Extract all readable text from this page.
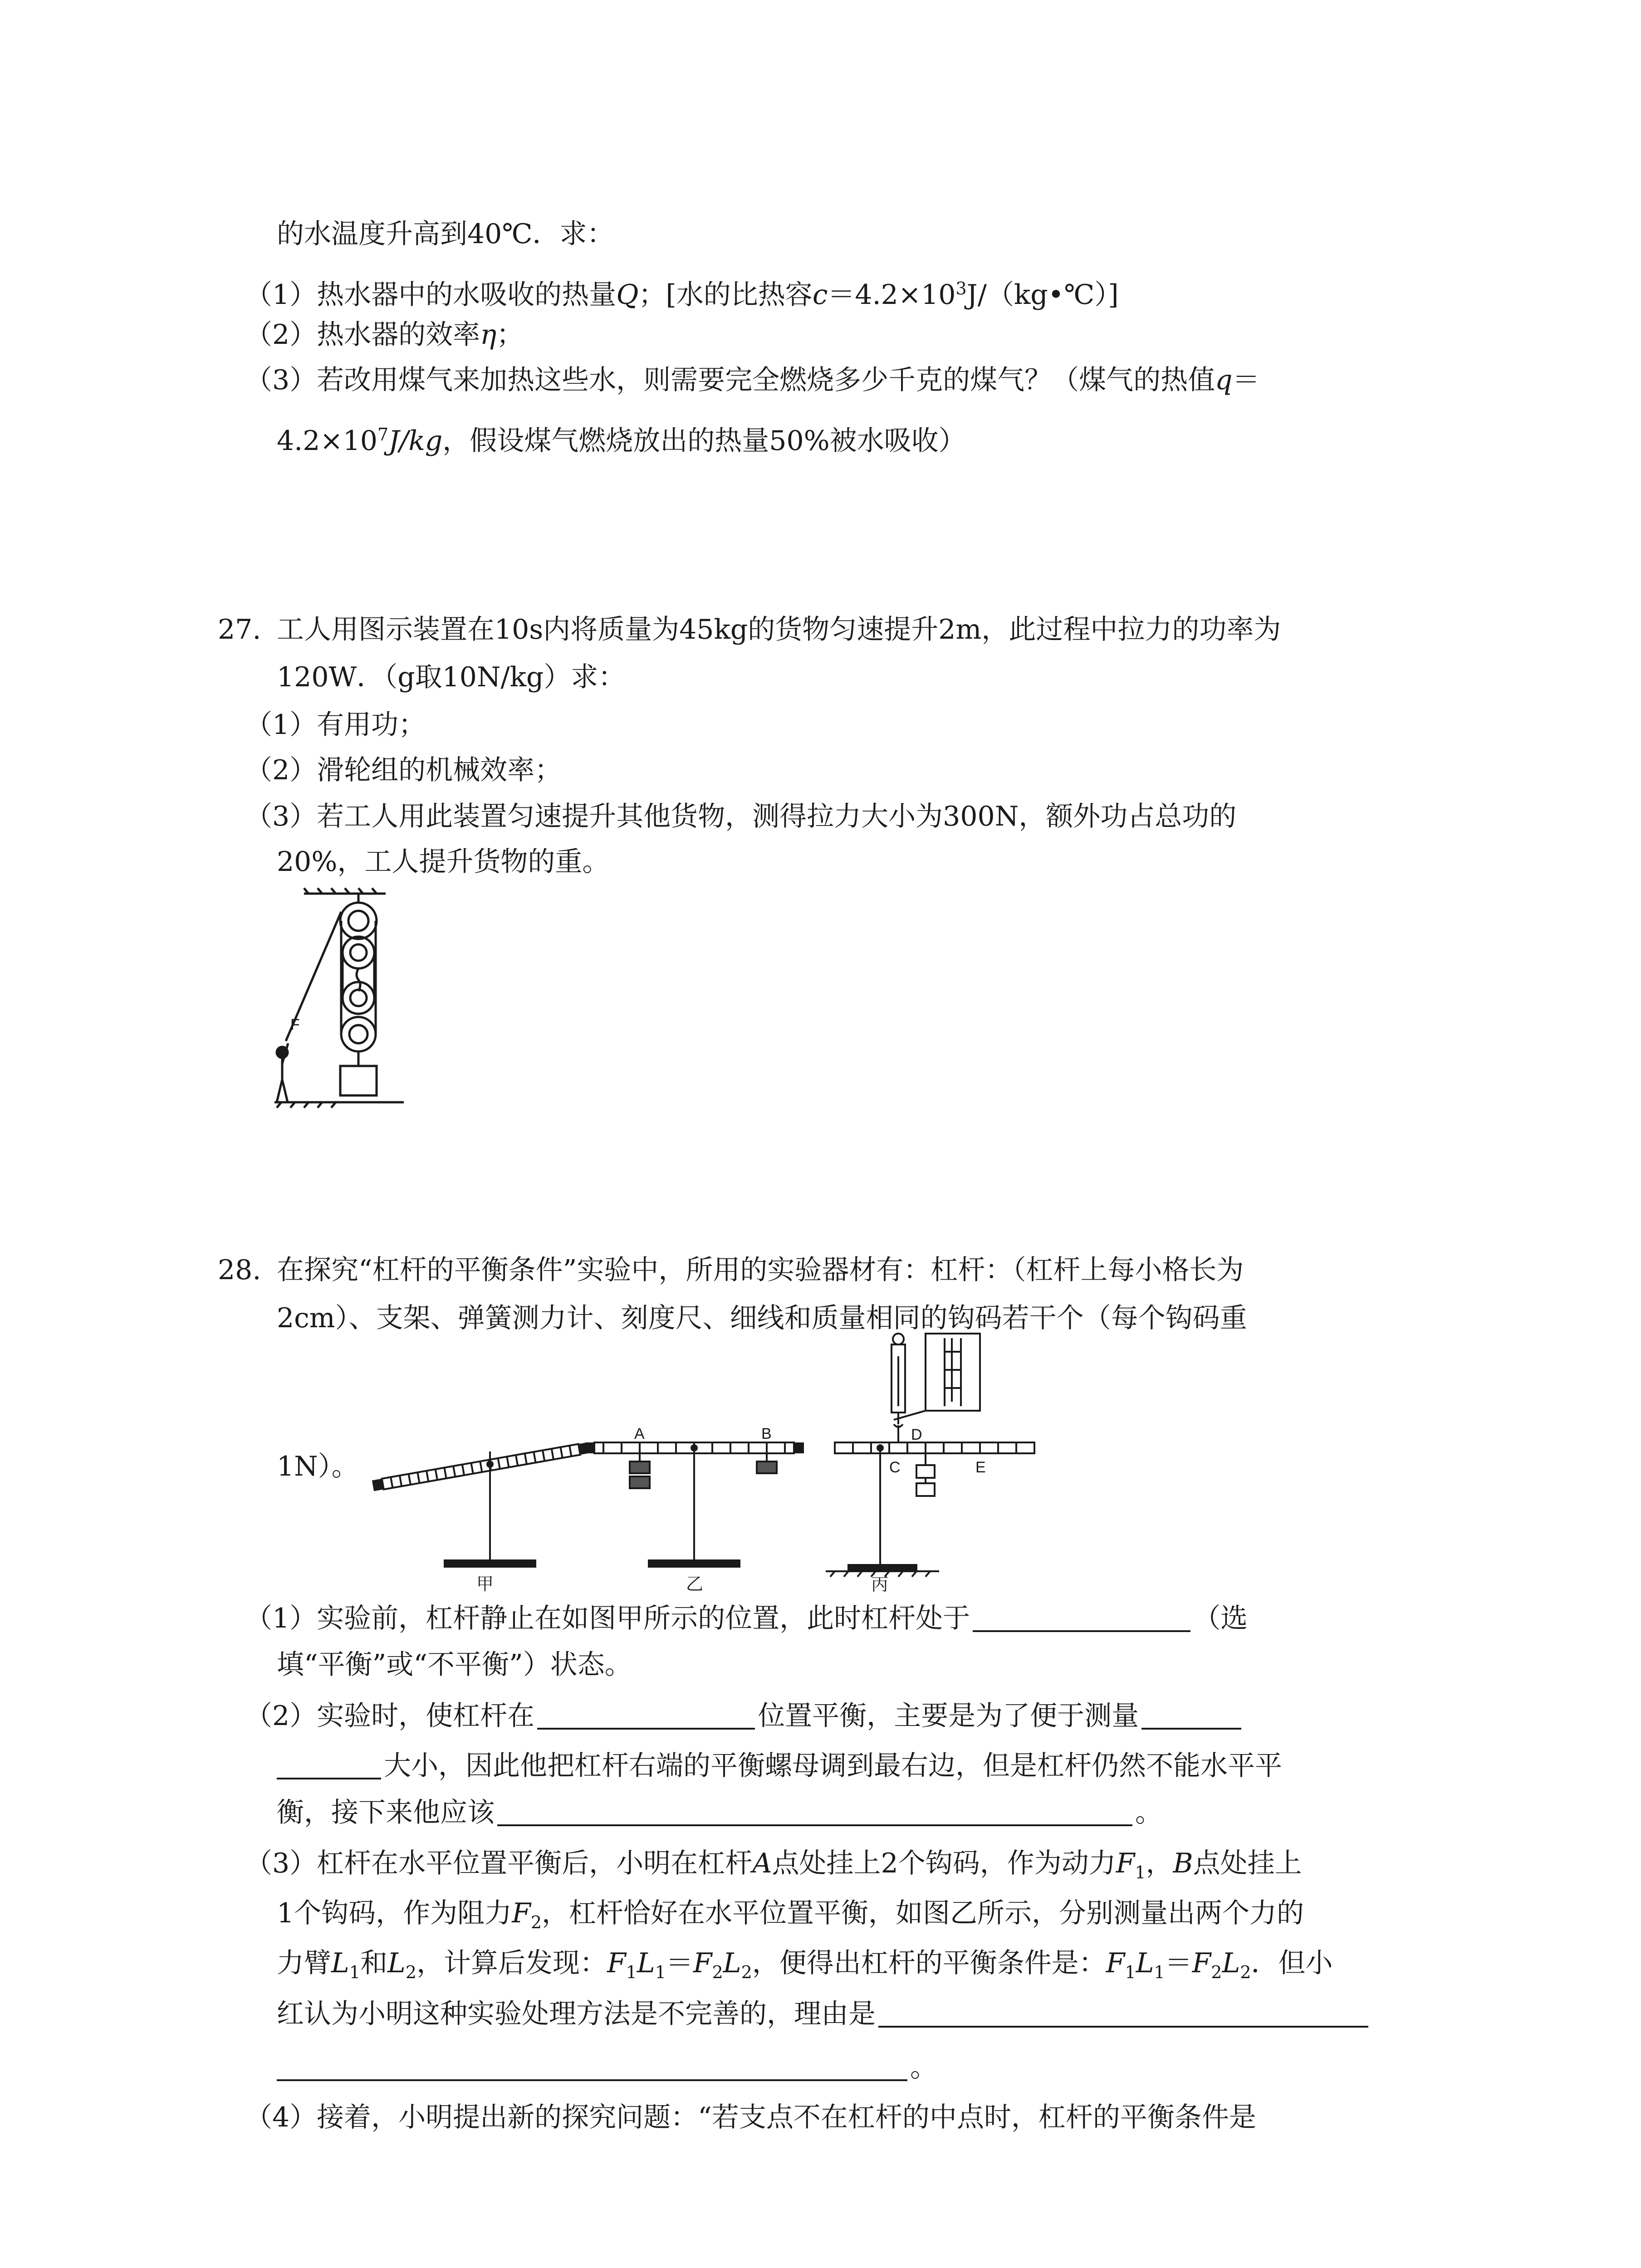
的水温度升高到40℃．求：
（1）热水器中的水吸收的热量Q；[水的比热容$c=4.2\times 10^3J/(kg•℃)$]
（2）热水器的效率η；
（3）若改用煤气来加热这些水，则需要完全燃烧多少千克的煤气？（煤气的热值q＝
$4.2\times 10^7J/kg$，假设煤气燃烧放出的热量50%被水吸收）
27. 工人用图示装置在10s内将质量为45kg的货物匀速提升2m，此过程中拉力的功率为
120W．（g取10N/kg）求：
（1）有用功；
（2）滑轮组的机械效率；
（3）若工人用此装置匀速提升其他货物，测得拉力大小为300N，额外功占总功的
20%，工人提升货物的重。
F
28. 在探究“杠杆的平衡条件”实验中，所用的实验器材有：杠杆：（杠杆上每小格长为
2cm）、支架、弹簧测力计、刻度尺、细线和质量相同的钩码若干个（每个钩码重
1N）。
甲
A	B
乙
D
C	E
丙
（1）实验前，杠杆静止在如图甲所示的位置，此时杠杆处于	（选
填“平衡”或“不平衡”）状态。
（2）实验时，使杠杆在	位置平衡，主要是为了便于测量
大小，因此他把杠杆右端的平衡螺母调到最右边，但是杠杆仍然不能水平平
衡，接下来他应该	。
（3）杠杆在水平位置平衡后，小明在杠杆A点处挂上2个钩码，作为动力$F_1$，B点处挂上
1个钩码，作为阻力$F_2$，杠杆恰好在水平位置平衡，如图乙所示，分别测量出两个力的
力臂$L_1$和$L_2$，计算后发现：$F_1L_1=F_2L_2$，便得出杠杆的平衡条件是：$F_1L_1=F_2L_2$．但小
红认为小明这种实验处理方法是不完善的，理由是
。
（4）接着，小明提出新的探究问题：“若支点不在杠杆的中点时，杠杆的平衡条件是
